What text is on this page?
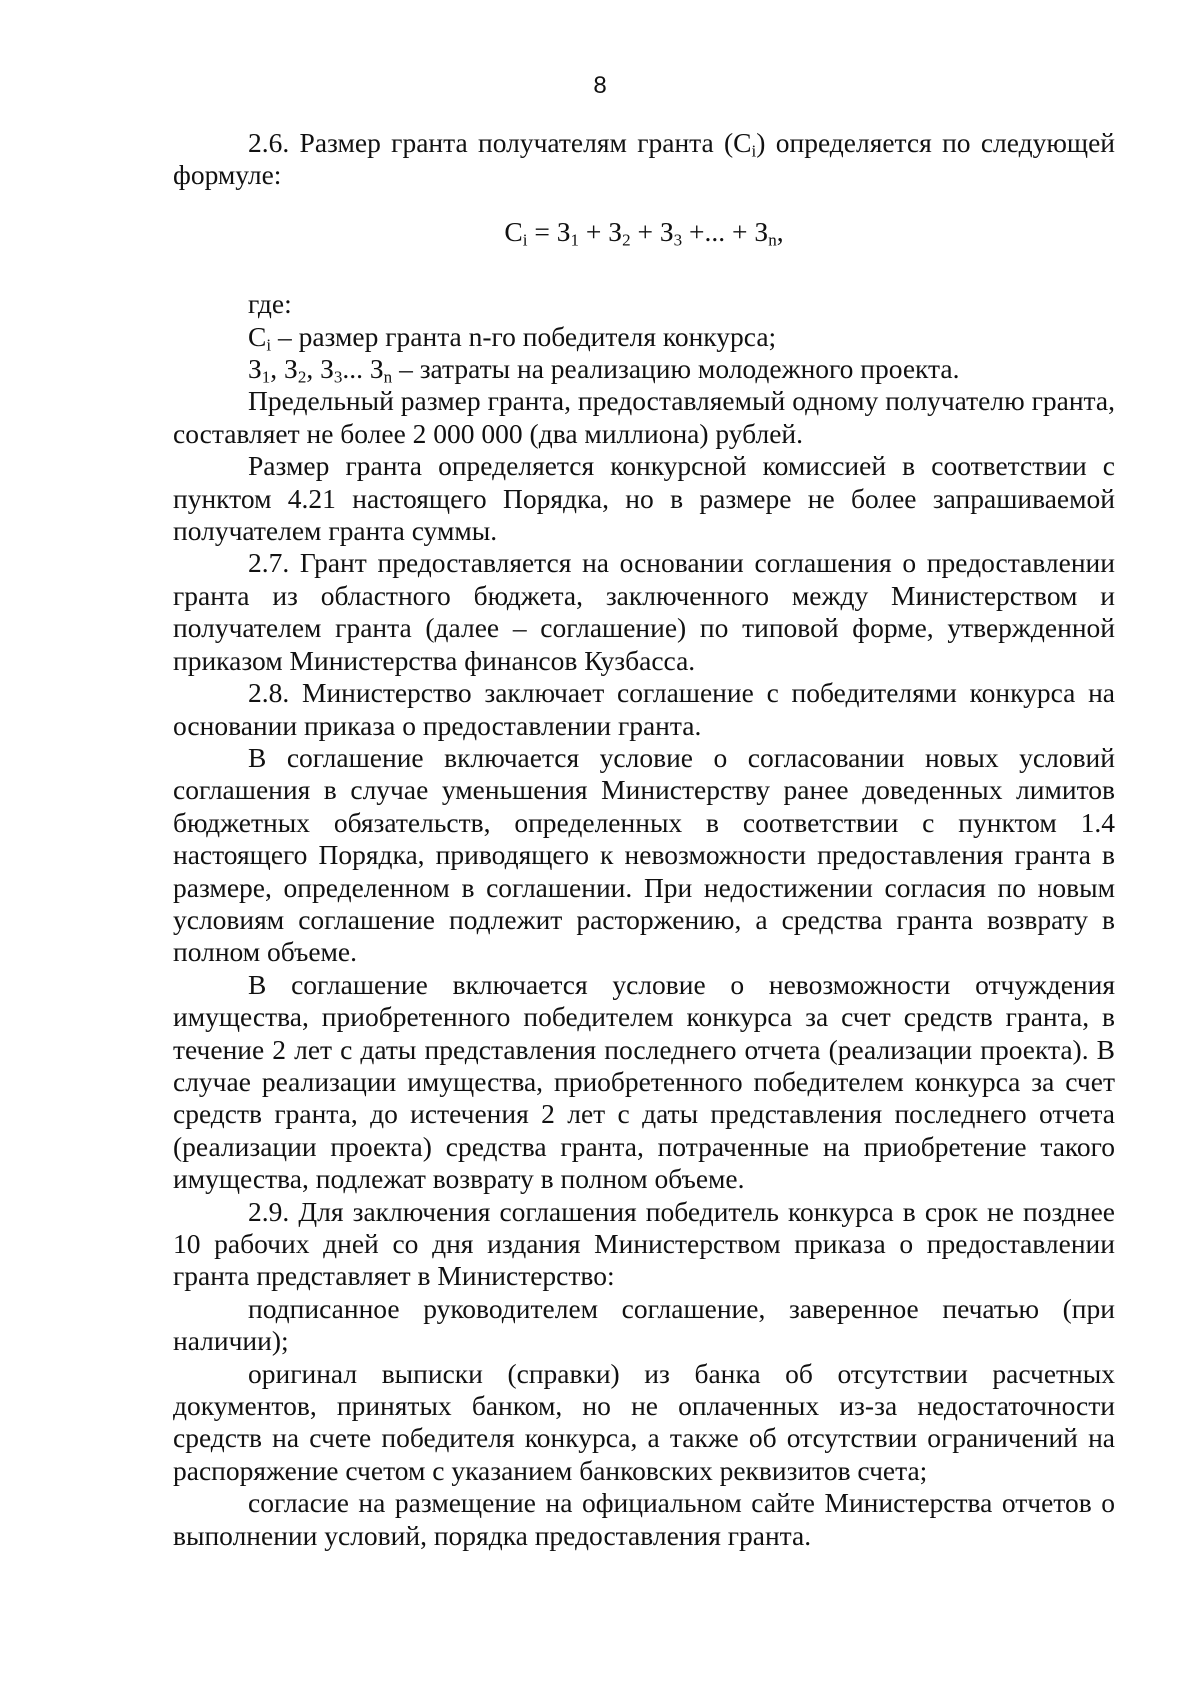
8

2.6. Размер гранта получателям гранта $(С_i)$ определяется по следующей формуле:

$С_i = З_1 + З_2 + З_3$ +... + $З_n$,

где:

$С_i$ – размер гранта n-го победителя конкурса;

$З_1$, $З_2$, $З_3$... $З_n$ – затраты на реализацию молодежного проекта.

Предельный размер гранта, предоставляемый одному получателю гранта, составляет не более 2 000 000 (два миллиона) рублей.

Размер гранта определяется конкурсной комиссией в соответствии с пунктом 4.21 настоящего Порядка, но в размере не более запрашиваемой получателем гранта суммы.

2.7. Грант предоставляется на основании соглашения о предоставлении гранта из областного бюджета, заключенного между Министерством и получателем гранта (далее – соглашение) по типовой форме, утвержденной приказом Министерства финансов Кузбасса.

2.8. Министерство заключает соглашение с победителями конкурса на основании приказа о предоставлении гранта.

В соглашение включается условие о согласовании новых условий соглашения в случае уменьшения Министерству ранее доведенных лимитов бюджетных обязательств, определенных в соответствии с пунктом 1.4 настоящего Порядка, приводящего к невозможности предоставления гранта в размере, определенном в соглашении. При недостижении согласия по новым условиям соглашение подлежит расторжению, а средства гранта возврату в полном объеме.

В соглашение включается условие о невозможности отчуждения имущества, приобретенного победителем конкурса за счет средств гранта, в течение 2 лет с даты представления последнего отчета (реализации проекта). В случае реализации имущества, приобретенного победителем конкурса за счет средств гранта, до истечения 2 лет с даты представления последнего отчета (реализации проекта) средства гранта, потраченные на приобретение такого имущества, подлежат возврату в полном объеме.

2.9. Для заключения соглашения победитель конкурса в срок не позднее 10 рабочих дней со дня издания Министерством приказа о предоставлении гранта представляет в Министерство:

подписанное руководителем соглашение, заверенное печатью (при наличии);

оригинал выписки (справки) из банка об отсутствии расчетных документов, принятых банком, но не оплаченных из-за недостаточности средств на счете победителя конкурса, а также об отсутствии ограничений на распоряжение счетом с указанием банковских реквизитов счета;

согласие на размещение на официальном сайте Министерства отчетов о выполнении условий, порядка предоставления гранта.
